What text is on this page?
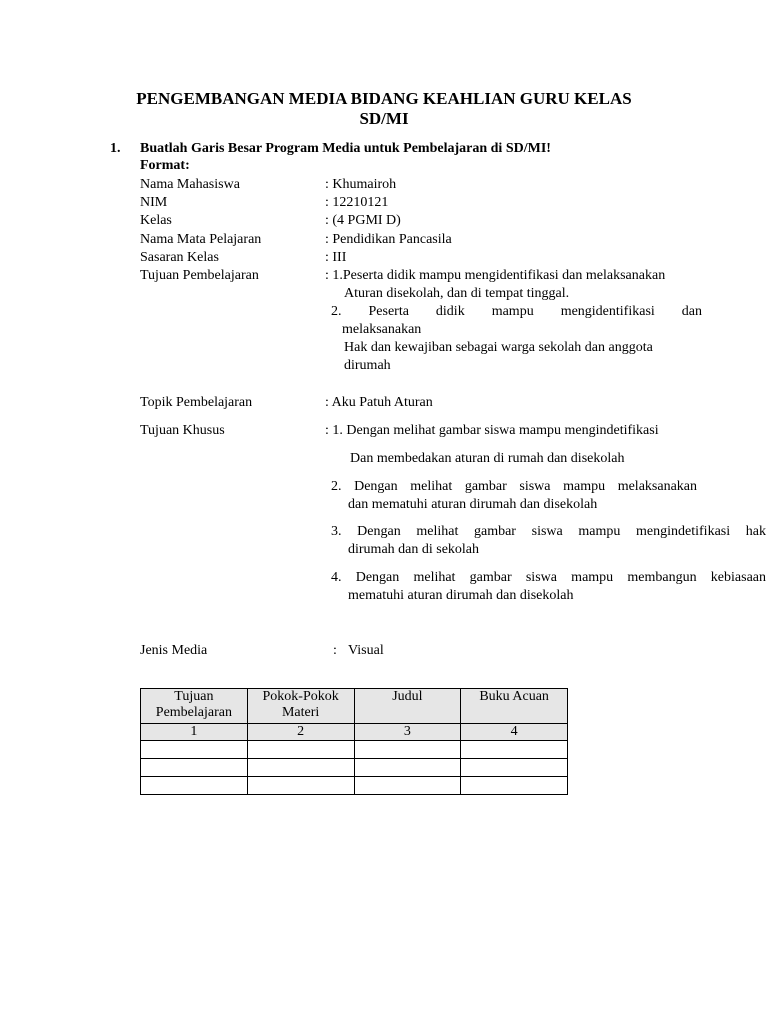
PENGEMBANGAN MEDIA BIDANG KEAHLIAN GURU KELAS
SD/MI
1. Buatlah Garis Besar Program Media untuk Pembelajaran di SD/MI!
Format:
Nama Mahasiswa	: Khumairoh
NIM	: 12210121
Kelas	: (4 PGMI D)
Nama Mata Pelajaran	: Pendidikan Pancasila
Sasaran Kelas	: III
Tujuan Pembelajaran	: 1.Peserta didik mampu mengidentifikasi dan melaksanakan
Aturan disekolah, dan di tempat tinggal.
2. Peserta didik mampu mengidentifikasi dan
melaksanakan
Hak dan kewajiban sebagai warga sekolah dan anggota
dirumah
Topik Pembelajaran	: Aku Patuh Aturan
Tujuan Khusus	: 1. Dengan melihat gambar siswa mampu mengindetifikasi
Dan membedakan aturan di rumah dan disekolah
2. Dengan melihat gambar siswa mampu melaksanakan
dan mematuhi aturan dirumah dan disekolah
3. Dengan melihat gambar siswa mampu mengindetifikasi hak
dirumah dan di sekolah
4. Dengan melihat gambar siswa mampu membangun kebiasaan
mematuhi aturan dirumah dan disekolah
Jenis Media	: Visual
Tujuan Pembelajaran	Pokok-Pokok Materi	Judul	Buku Acuan
1	2	3	4
